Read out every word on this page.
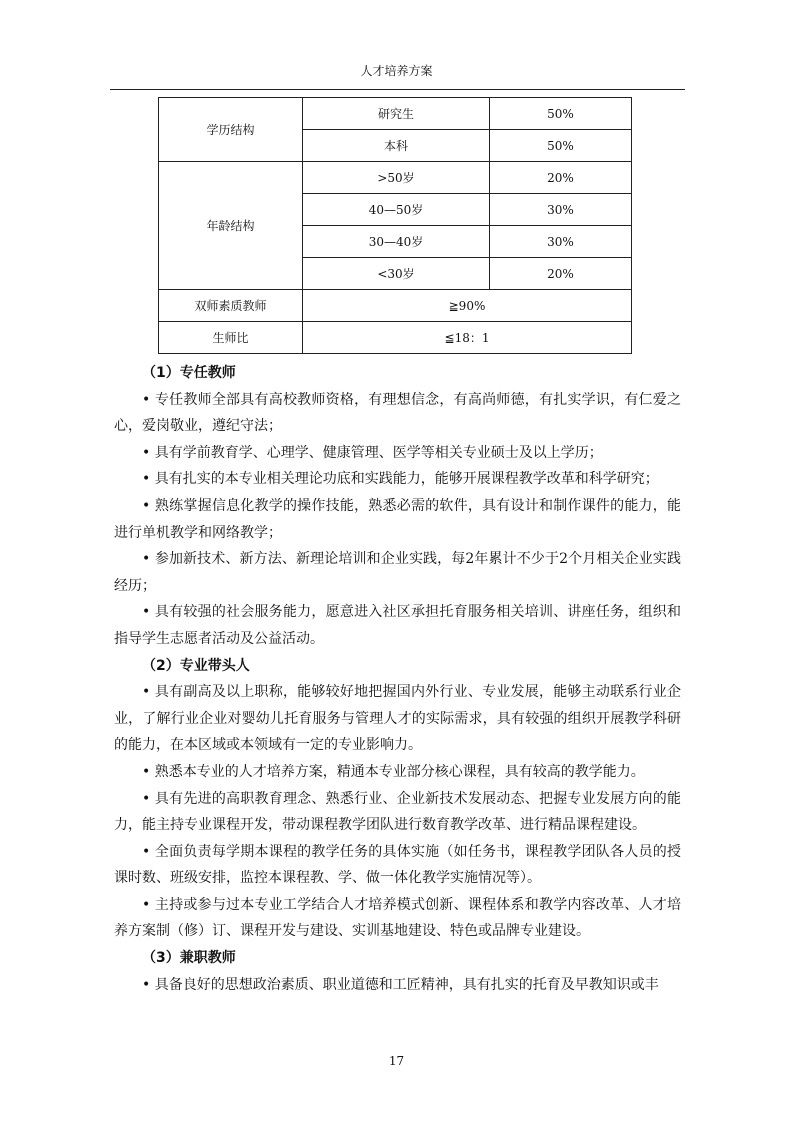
人才培养方案
学历结构	研究生	50%
	本科	50%
年龄结构	>50岁	20%
	40—50岁	30%
	30—40岁	30%
	<30岁	20%
双师素质教师	≧90%	
生师比	≦18：1	

（1）专任教师

• 专任教师全部具有高校教师资格，有理想信念，有高尚师德，有扎实学识，有仁爱之心，爱岗敬业，遵纪守法；

• 具有学前教育学、心理学、健康管理、医学等相关专业硕士及以上学历；

• 具有扎实的本专业相关理论功底和实践能力，能够开展课程教学改革和科学研究；

• 熟练掌握信息化教学的操作技能，熟悉必需的软件，具有设计和制作课件的能力，能进行单机教学和网络教学；

• 参加新技术、新方法、新理论培训和企业实践，每2年累计不少于2个月相关企业实践经历；

• 具有较强的社会服务能力，愿意进入社区承担托育服务相关培训、讲座任务，组织和指导学生志愿者活动及公益活动。

（2）专业带头人

• 具有副高及以上职称，能够较好地把握国内外行业、专业发展，能够主动联系行业企业，了解行业企业对婴幼儿托育服务与管理人才的实际需求，具有较强的组织开展教学科研的能力，在本区域或本领域有一定的专业影响力。

• 熟悉本专业的人才培养方案，精通本专业部分核心课程，具有较高的教学能力。

• 具有先进的高职教育理念、熟悉行业、企业新技术发展动态、把握专业发展方向的能力，能主持专业课程开发，带动课程教学团队进行数育教学改革、进行精品课程建设。

• 全面负责每学期本课程的教学任务的具体实施（如任务书，课程教学团队各人员的授课时数、班级安排，监控本课程教、学、做一体化教学实施情况等）。

• 主持或参与过本专业工学结合人才培养模式创新、课程体系和教学内容改革、人才培养方案制（修）订、课程开发与建设、实训基地建设、特色或品牌专业建设。

（3）兼职教师

• 具备良好的思想政治素质、职业道德和工匠精神，具有扎实的托育及早教知识或丰

17
